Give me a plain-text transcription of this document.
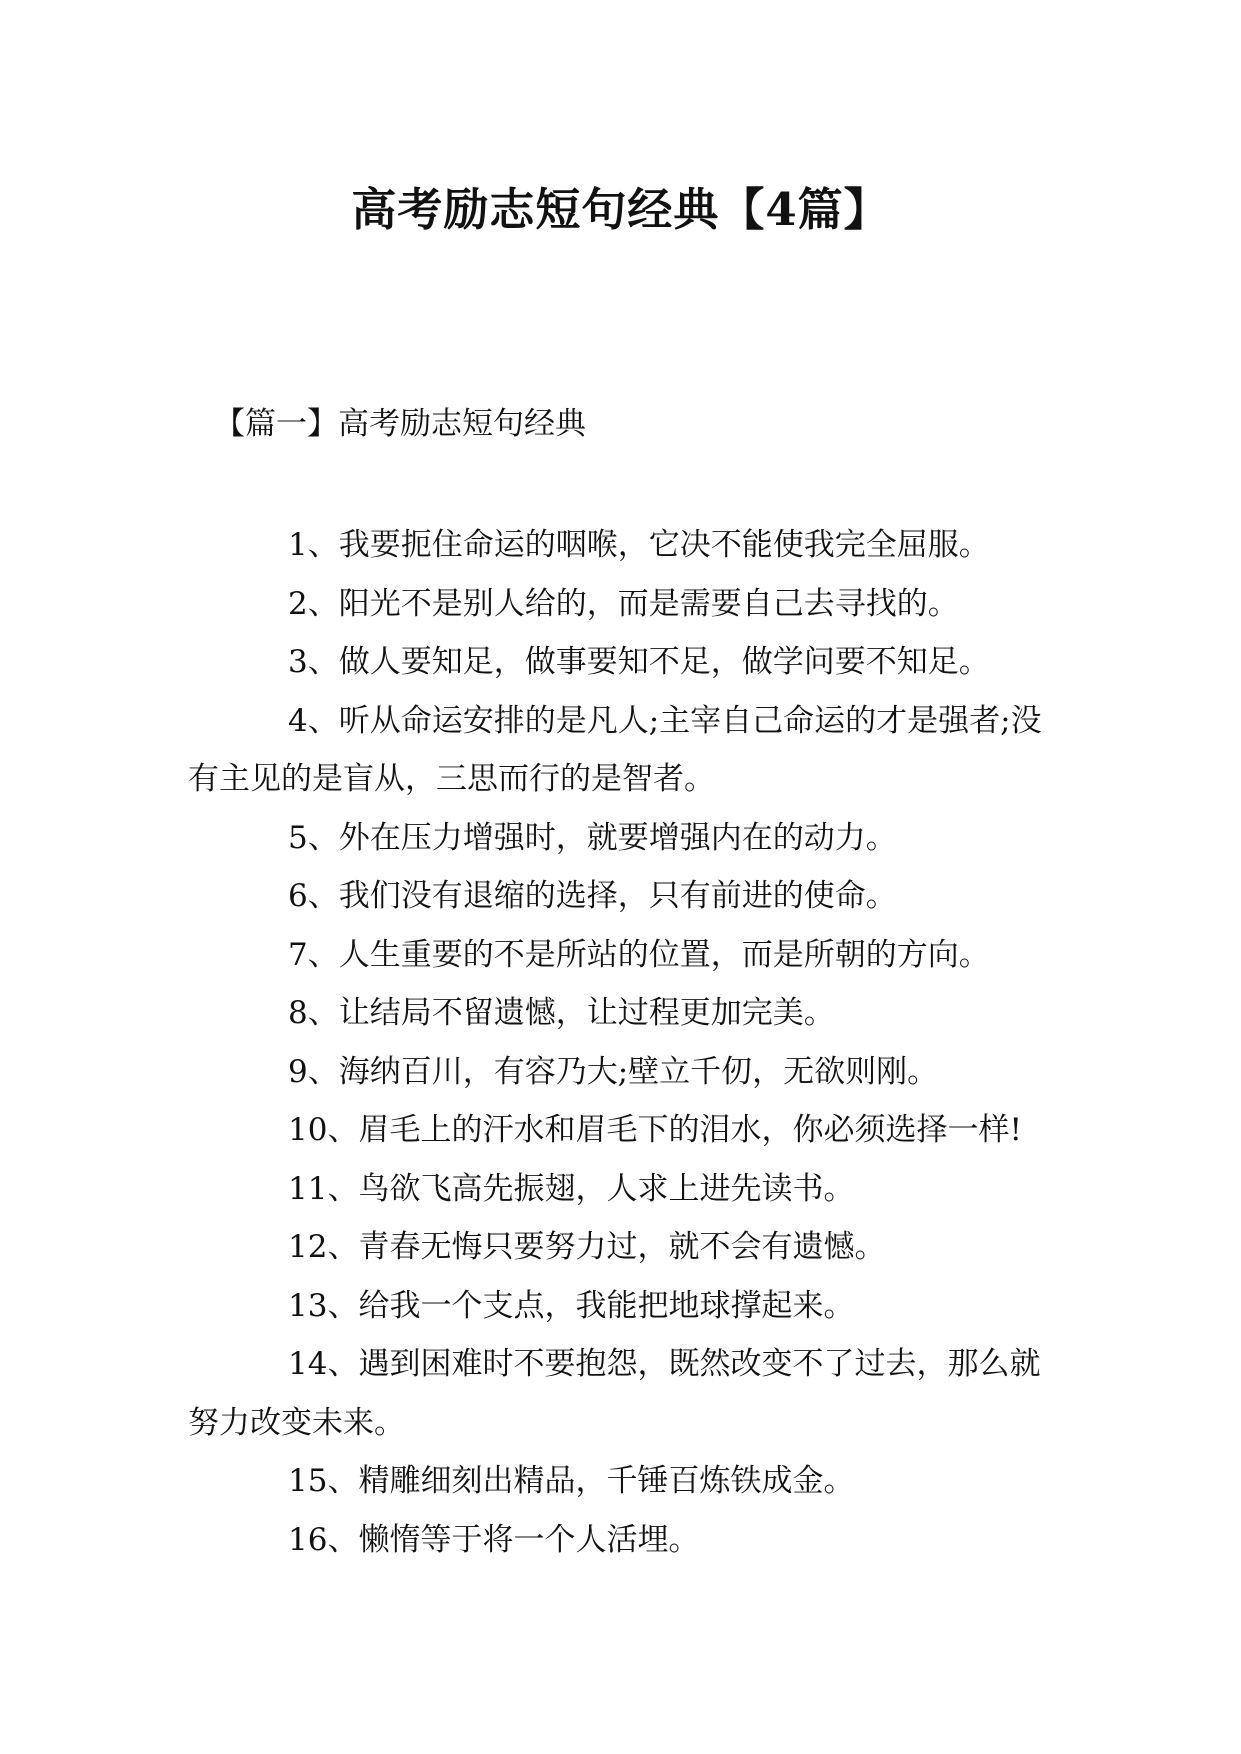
高考励志短句经典【4篇】
【篇一】高考励志短句经典
1、我要扼住命运的咽喉，它决不能使我完全屈服。
2、阳光不是别人给的，而是需要自己去寻找的。
3、做人要知足，做事要知不足，做学问要不知足。
4、听从命运安排的是凡人;主宰自己命运的才是强者;没有主见的是盲从，三思而行的是智者。
5、外在压力增强时，就要增强内在的动力。
6、我们没有退缩的选择，只有前进的使命。
7、人生重要的不是所站的位置，而是所朝的方向。
8、让结局不留遗憾，让过程更加完美。
9、海纳百川，有容乃大;壁立千仞，无欲则刚。
10、眉毛上的汗水和眉毛下的泪水，你必须选择一样!
11、鸟欲飞高先振翅，人求上进先读书。
12、青春无悔只要努力过，就不会有遗憾。
13、给我一个支点，我能把地球撑起来。
14、遇到困难时不要抱怨，既然改变不了过去，那么就努力改变未来。
15、精雕细刻出精品，千锤百炼铁成金。
16、懒惰等于将一个人活埋。
